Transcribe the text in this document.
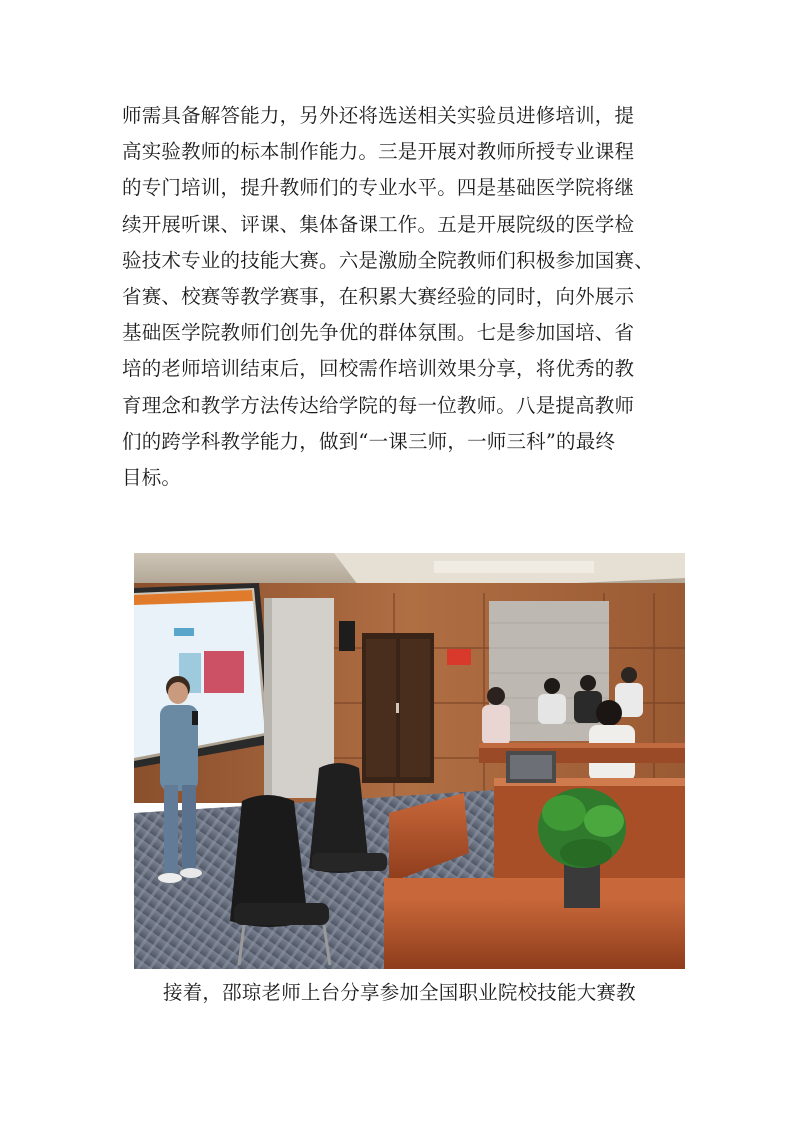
师需具备解答能力，另外还将选送相关实验员进修培训，提
高实验教师的标本制作能力。三是开展对教师所授专业课程
的专门培训，提升教师们的专业水平。四是基础医学院将继
续开展听课、评课、集体备课工作。五是开展院级的医学检
验技术专业的技能大赛。六是激励全院教师们积极参加国赛、
省赛、校赛等教学赛事，在积累大赛经验的同时，向外展示
基础医学院教师们创先争优的群体氛围。七是参加国培、省
培的老师培训结束后，回校需作培训效果分享，将优秀的教
育理念和教学方法传达给学院的每一位教师。八是提高教师
们的跨学科教学能力，做到“一课三师，一师三科”的最终
目标。
接着，邵琼老师上台分享参加全国职业院校技能大赛教
